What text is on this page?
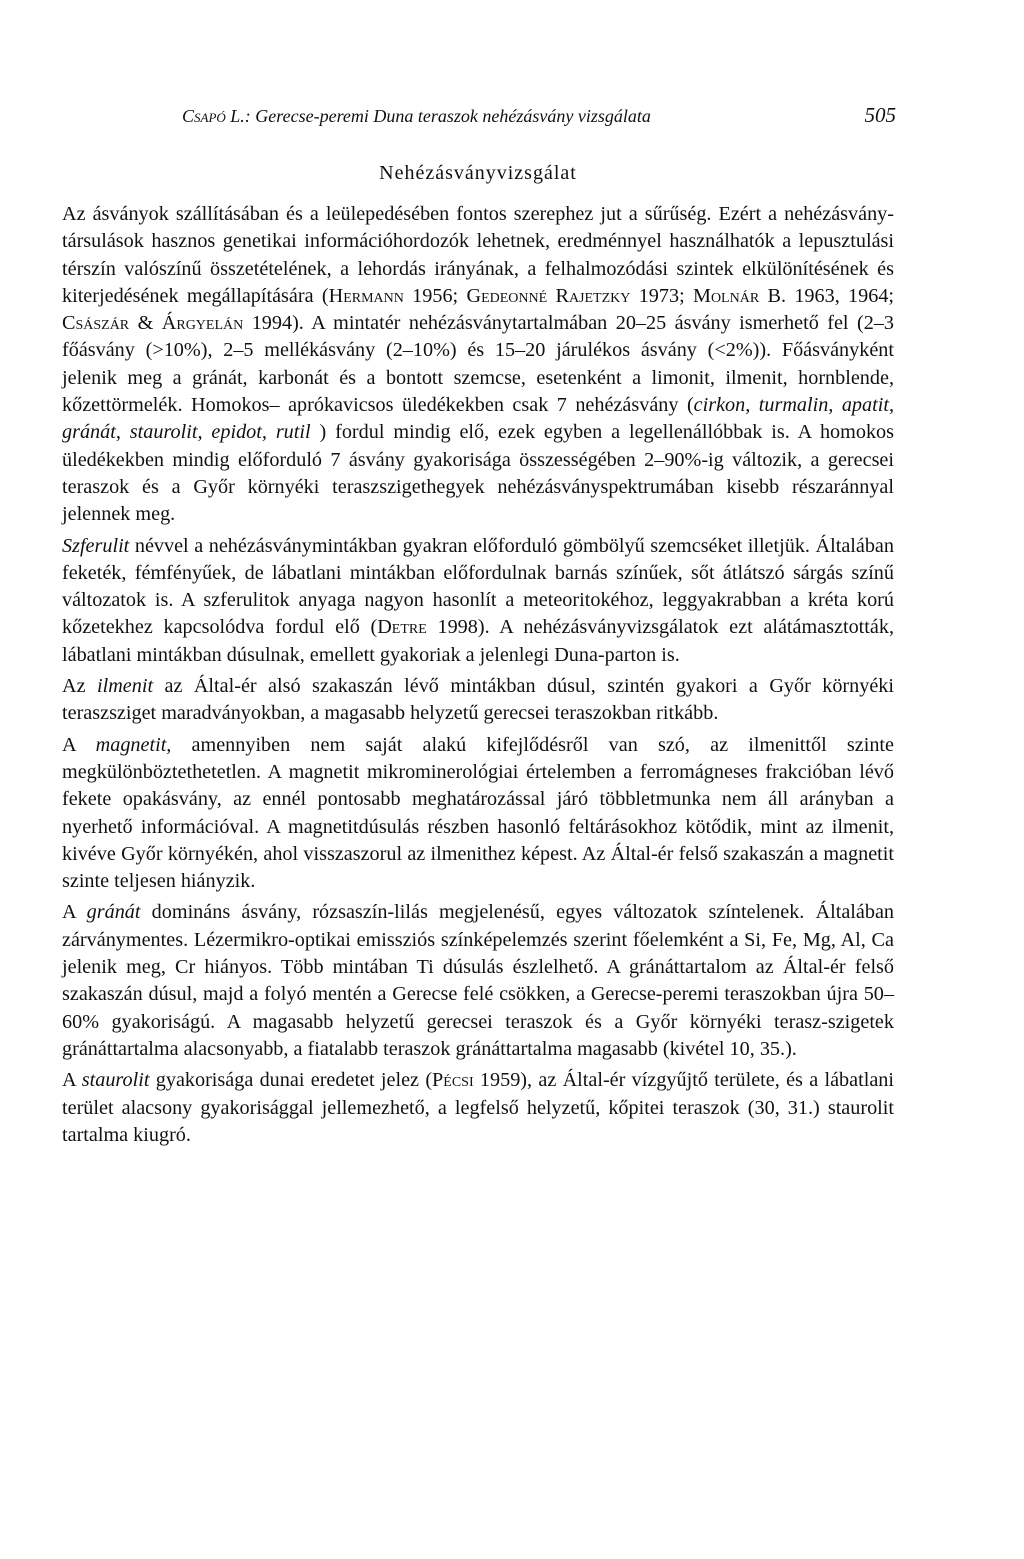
Csapó L.: Gerecse-peremi Duna teraszok nehézásvány vizsgálata	505
Nehézásványvizsgálat

Az ásványok szállításában és a leülepedésében fontos szerephez jut a sűrűség. Ezért a nehézásvány-társulások hasznos genetikai információhordozók lehetnek, eredménnyel használhatók a lepusztulási térszín valószínű összetételének, a lehordás irányának, a felhalmozódási szintek elkülönítésének és kiterjedésének megállapítására (Hermann 1956; Gedeonné Rajetzky 1973; Molnár B. 1963, 1964; Császár & Árgyelán 1994). A mintatér nehézásványtartalmában 20–25 ásvány ismerhető fel (2–3 főásvány (>10%), 2–5 mellékásvány (2–10%) és 15–20 járulékos ásvány (<2%)). Főásványként jelenik meg a gránát, karbonát és a bontott szemcse, esetenként a limonit, ilmenit, hornblende, kőzettörmelék. Homokos– aprókavicsos üledékekben csak 7 nehézásvány (cirkon, turmalin, apatit, gránát, staurolit, epidot, rutil ) fordul mindig elő, ezek egyben a legellenállóbbak is. A homokos üledékekben mindig előforduló 7 ásvány gyakorisága összességében 2–90%-ig változik, a gerecsei teraszok és a Győr környéki teraszszigethegyek nehézásványspektrumában kisebb részaránnyal jelennek meg.

Szferulit névvel a nehézásványmintákban gyakran előforduló gömbölyű szemcséket illetjük. Általában feketék, fémfényűek, de lábatlani mintákban előfordulnak barnás színűek, sőt átlátszó sárgás színű változatok is. A szferulitok anyaga nagyon hasonlít a meteoritokéhoz, leggyakrabban a kréta korú kőzetekhez kapcsolódva fordul elő (Detre 1998). A nehézásványvizsgálatok ezt alátámasztották, lábatlani mintákban dúsulnak, emellett gyakoriak a jelenlegi Duna-parton is.

Az ilmenit az Által-ér alsó szakaszán lévő mintákban dúsul, szintén gyakori a Győr környéki teraszsziget maradványokban, a magasabb helyzetű gerecsei teraszokban ritkább.

A magnetit, amennyiben nem saját alakú kifejlődésről van szó, az ilmenittől szinte megkülönböztethetetlen. A magnetit mikrominerológiai értelemben a ferromágneses frakcióban lévő fekete opakásvány, az ennél pontosabb meghatározással járó többletmunka nem áll arányban a nyerhető információval. A magnetitdúsulás részben hasonló feltárásokhoz kötődik, mint az ilmenit, kivéve Győr környékén, ahol visszaszorul az ilmenithez képest. Az Által-ér felső szakaszán a magnetit szinte teljesen hiányzik.

A gránát domináns ásvány, rózsaszín-lilás megjelenésű, egyes változatok színtelenek. Általában zárványmentes. Lézermikro-optikai emissziós színképelemzés szerint főelemként a Si, Fe, Mg, Al, Ca jelenik meg, Cr hiányos. Több mintában Ti dúsulás észlelhető. A gránáttartalom az Által-ér felső szakaszán dúsul, majd a folyó mentén a Gerecse felé csökken, a Gerecse-peremi teraszokban újra 50–60% gyakoriságú. A magasabb helyzetű gerecsei teraszok és a Győr környéki terasz-szigetek gránáttartalma alacsonyabb, a fiatalabb teraszok gránáttartalma magasabb (kivétel 10, 35.).

A staurolit gyakorisága dunai eredetet jelez (Pécsi 1959), az Által-ér vízgyűjtő területe, és a lábatlani terület alacsony gyakorisággal jellemezhető, a legfelső helyzetű, kőpitei teraszok (30, 31.) staurolit tartalma kiugró.
